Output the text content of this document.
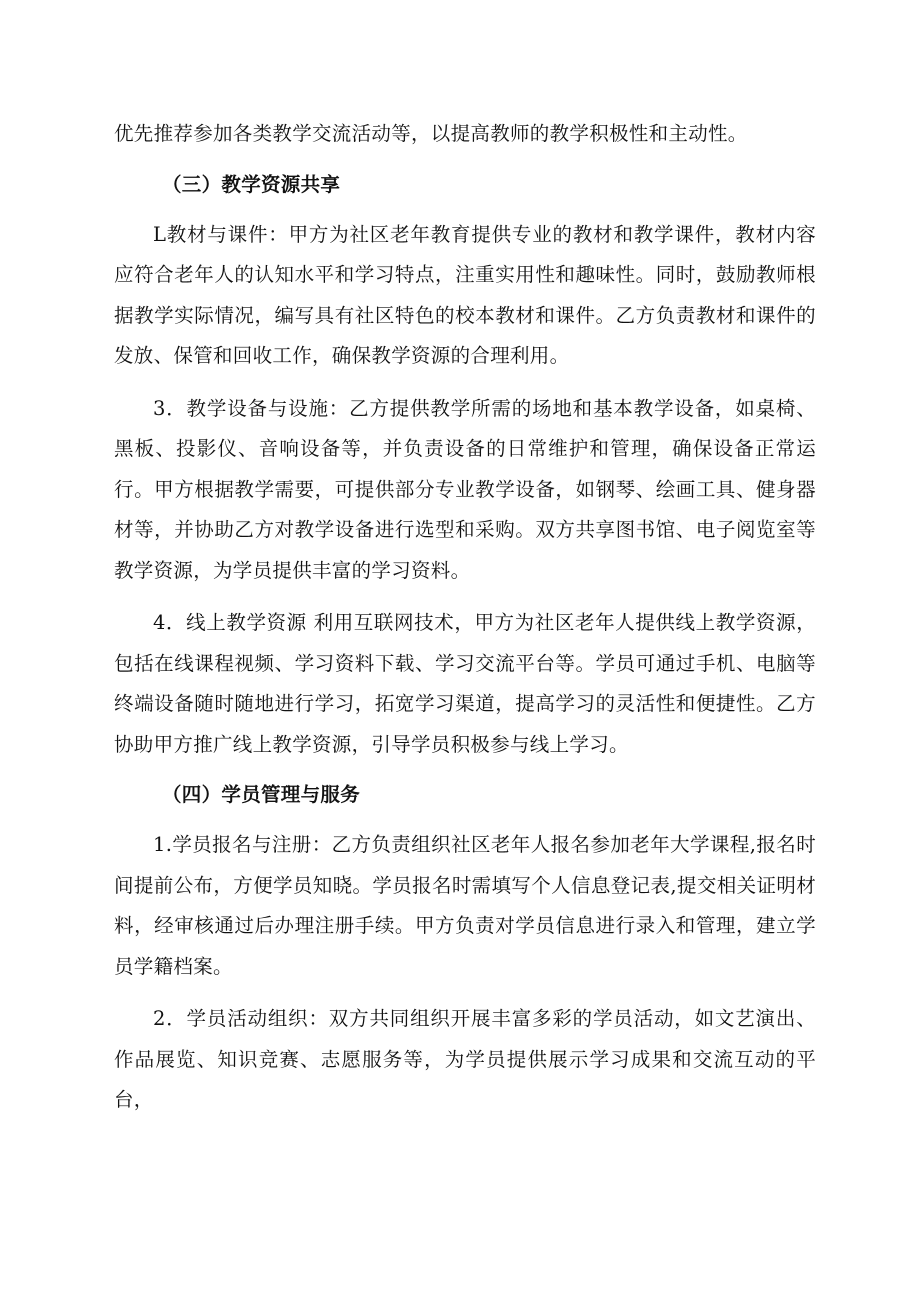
优先推荐参加各类教学交流活动等，以提高教师的教学积极性和主动性。

（三）教学资源共享

L教材与课件：甲方为社区老年教育提供专业的教材和教学课件，教材内容应符合老年人的认知水平和学习特点，注重实用性和趣味性。同时，鼓励教师根据教学实际情况，编写具有社区特色的校本教材和课件。乙方负责教材和课件的发放、保管和回收工作，确保教学资源的合理利用。

3．教学设备与设施：乙方提供教学所需的场地和基本教学设备，如桌椅、黑板、投影仪、音响设备等，并负责设备的日常维护和管理，确保设备正常运行。甲方根据教学需要，可提供部分专业教学设备，如钢琴、绘画工具、健身器材等，并协助乙方对教学设备进行选型和采购。双方共享图书馆、电子阅览室等教学资源，为学员提供丰富的学习资料。

4．线上教学资源 利用互联网技术，甲方为社区老年人提供线上教学资源，包括在线课程视频、学习资料下载、学习交流平台等。学员可通过手机、电脑等终端设备随时随地进行学习，拓宽学习渠道，提高学习的灵活性和便捷性。乙方协助甲方推广线上教学资源，引导学员积极参与线上学习。

（四）学员管理与服务

1.学员报名与注册：乙方负责组织社区老年人报名参加老年大学课程,报名时间提前公布，方便学员知晓。学员报名时需填写个人信息登记表,提交相关证明材料，经审核通过后办理注册手续。甲方负责对学员信息进行录入和管理，建立学员学籍档案。

2．学员活动组织：双方共同组织开展丰富多彩的学员活动，如文艺演出、作品展览、知识竞赛、志愿服务等，为学员提供展示学习成果和交流互动的平台，
